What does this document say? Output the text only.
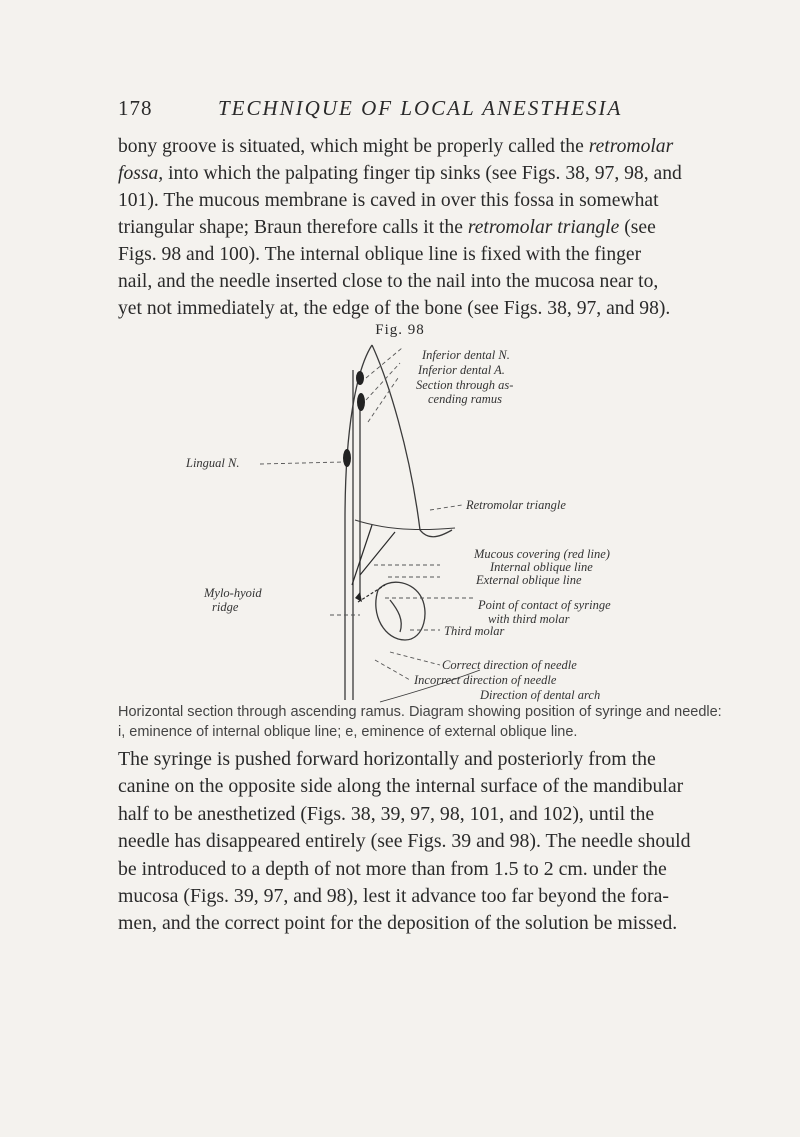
178	TECHNIQUE OF LOCAL ANESTHESIA

bony groove is situated, which might be properly called the retromolar
fossa, into which the palpating finger tip sinks (see Figs. 38, 97, 98, and
101). The mucous membrane is caved in over this fossa in somewhat
triangular shape; Braun therefore calls it the retromolar triangle (see
Figs. 98 and 100). The internal oblique line is fixed with the finger
nail, and the needle inserted close to the nail into the mucosa near to,
yet not immediately at, the edge of the bone (see Figs. 38, 97, and 98).

Fig. 98
Inferior dental N.
Inferior dental A.
Section through as-
cending ramus
Lingual N.
Retromolar triangle
Mucous covering (red line)
Internal oblique line
External oblique line
Mylo-hyoid
ridge	Point of contact of syringe
with third molar
Third molar
Correct direction of needle
Incorrect direction of needle
Direction of dental arch
Horizontal section through ascending ramus. Diagram showing position of syringe and needle:
i, eminence of internal oblique line; e, eminence of external oblique line.

The syringe is pushed forward horizontally and posteriorly from the
canine on the opposite side along the internal surface of the mandibular
half to be anesthetized (Figs. 38, 39, 97, 98, 101, and 102), until the
needle has disappeared entirely (see Figs. 39 and 98). The needle should
be introduced to a depth of not more than from 1.5 to 2 cm. under the
mucosa (Figs. 39, 97, and 98), lest it advance too far beyond the fora-
men, and the correct point for the deposition of the solution be missed.
